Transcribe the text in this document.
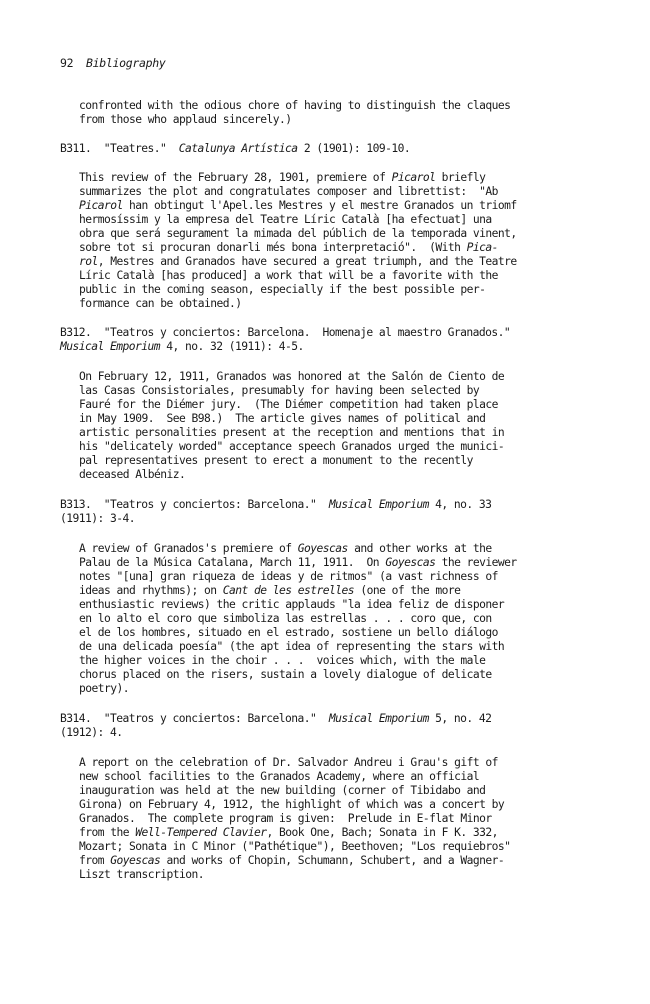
92 Bibliography
confronted with the odious chore of having to distinguish the claques
from those who applaud sincerely.)
B311.  "Teatres."  Catalunya Artística 2 (1901): 109-10.
This review of the February 28, 1901, premiere of Picarol briefly
summarizes the plot and congratulates composer and librettist:  "Ab
Picarol han obtingut l'Apel.les Mestres y el mestre Granados un triomf
hermosíssim y la empresa del Teatre Líric Català [ha efectuat] una
obra que será segurament la mimada del públich de la temporada vinent,
sobre tot si procuran donarli més bona interpretació".  (With Pica-
rol, Mestres and Granados have secured a great triumph, and the Teatre
Líric Català [has produced] a work that will be a favorite with the
public in the coming season, especially if the best possible per-
formance can be obtained.)
B312.  "Teatros y conciertos: Barcelona.  Homenaje al maestro Granados."
Musical Emporium 4, no. 32 (1911): 4-5.
On February 12, 1911, Granados was honored at the Salón de Ciento de
las Casas Consistoriales, presumably for having been selected by
Fauré for the Diémer jury.  (The Diémer competition had taken place
in May 1909.  See B98.)  The article gives names of political and
artistic personalities present at the reception and mentions that in
his "delicately worded" acceptance speech Granados urged the munici-
pal representatives present to erect a monument to the recently
deceased Albéniz.
B313.  "Teatros y conciertos: Barcelona."  Musical Emporium 4, no. 33
(1911): 3-4.
A review of Granados's premiere of Goyescas and other works at the
Palau de la Música Catalana, March 11, 1911.  On Goyescas the reviewer
notes "[una] gran riqueza de ideas y de ritmos" (a vast richness of
ideas and rhythms); on Cant de les estrelles (one of the more
enthusiastic reviews) the critic applauds "la idea feliz de disponer
en lo alto el coro que simboliza las estrellas . . . coro que, con
el de los hombres, situado en el estrado, sostiene un bello diálogo
de una delicada poesía" (the apt idea of representing the stars with
the higher voices in the choir . . .  voices which, with the male
chorus placed on the risers, sustain a lovely dialogue of delicate
poetry).
B314.  "Teatros y conciertos: Barcelona."  Musical Emporium 5, no. 42
(1912): 4.
A report on the celebration of Dr. Salvador Andreu i Grau's gift of
new school facilities to the Granados Academy, where an official
inauguration was held at the new building (corner of Tibidabo and
Girona) on February 4, 1912, the highlight of which was a concert by
Granados.  The complete program is given:  Prelude in E-flat Minor
from the Well-Tempered Clavier, Book One, Bach; Sonata in F K. 332,
Mozart; Sonata in C Minor ("Pathétique"), Beethoven; "Los requiebros"
from Goyescas and works of Chopin, Schumann, Schubert, and a Wagner-
Liszt transcription.
